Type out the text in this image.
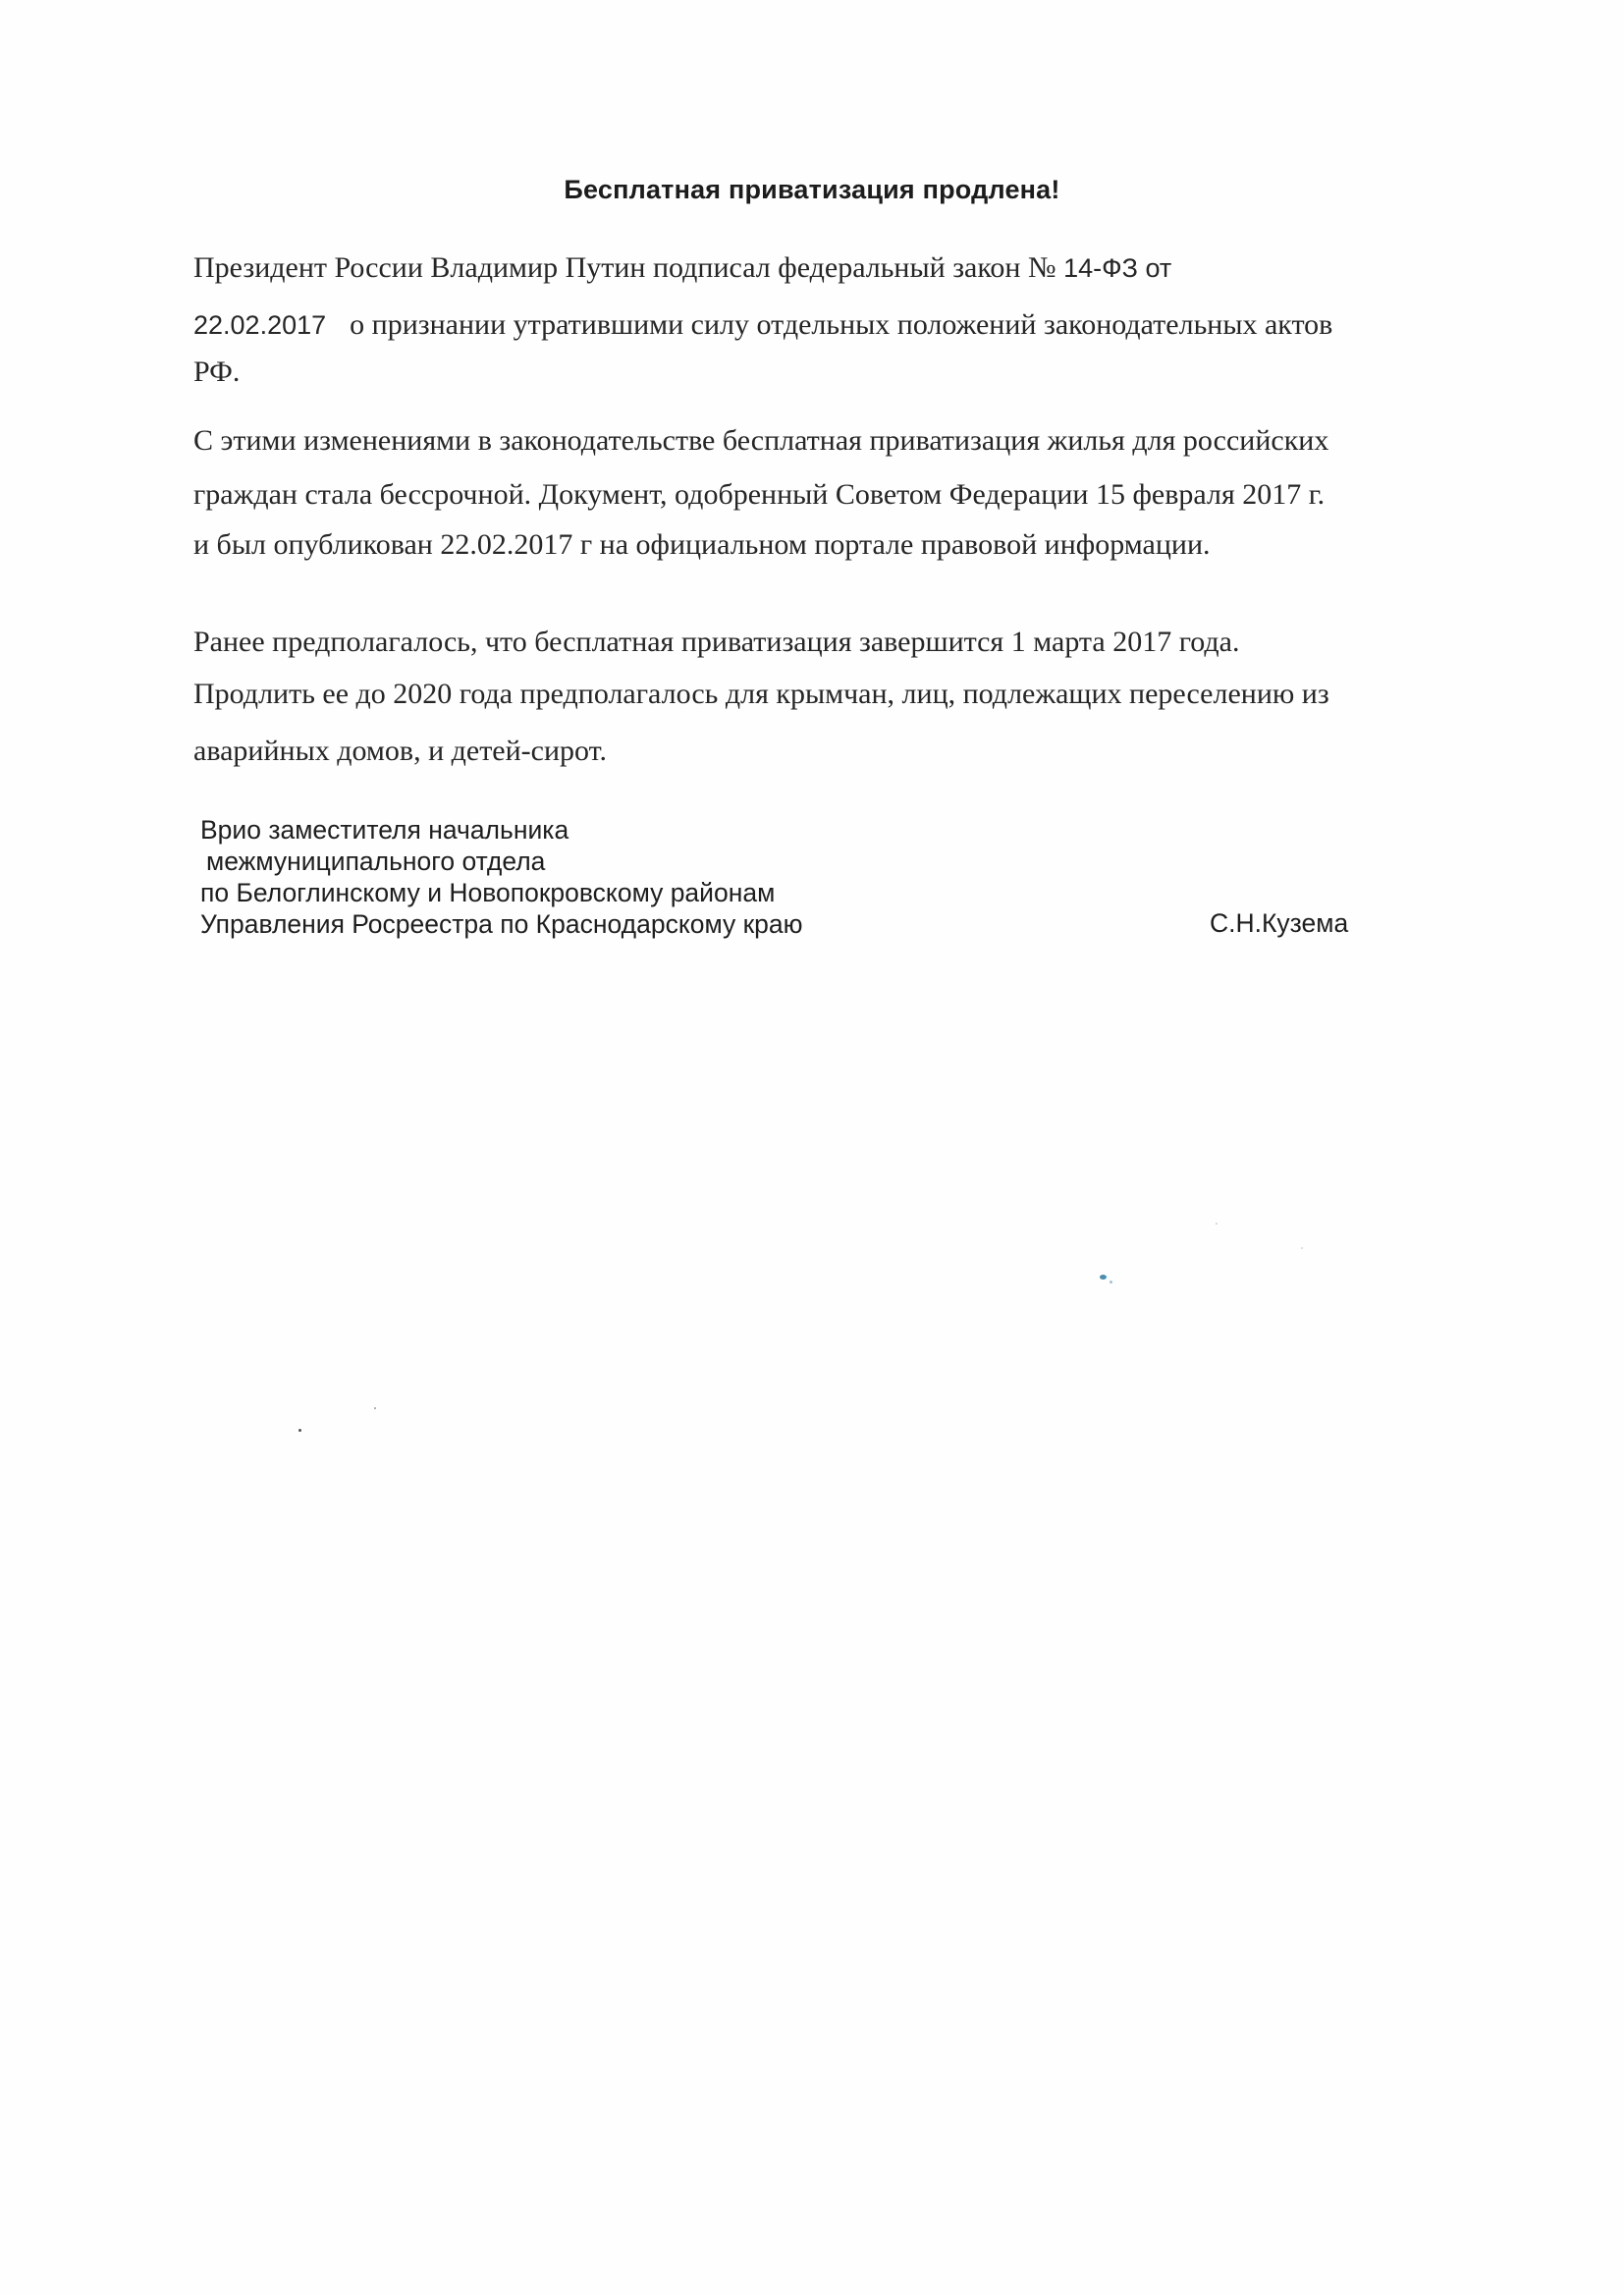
Бесплатная приватизация продлена!
Президент России Владимир Путин подписал федеральный закон № 14-ФЗ от
22.02.2017 о признании утратившими силу отдельных положений законодательных актов
РФ.
С этими изменениями в законодательстве бесплатная приватизация жилья для российских
граждан стала бессрочной. Документ, одобренный Советом Федерации 15 февраля 2017 г.
и был опубликован 22.02.2017 г на официальном портале правовой информации.
Ранее предполагалось, что бесплатная приватизация завершится 1 марта 2017 года.
Продлить ее до 2020 года предполагалось для крымчан, лиц, подлежащих переселению из
аварийных домов, и детей-сирот.
Врио заместителя начальника
межмуниципального отдела
по Белоглинскому и Новопокровскому районам
Управления Росреестра по Краснодарскому краю	С.Н.Кузема
